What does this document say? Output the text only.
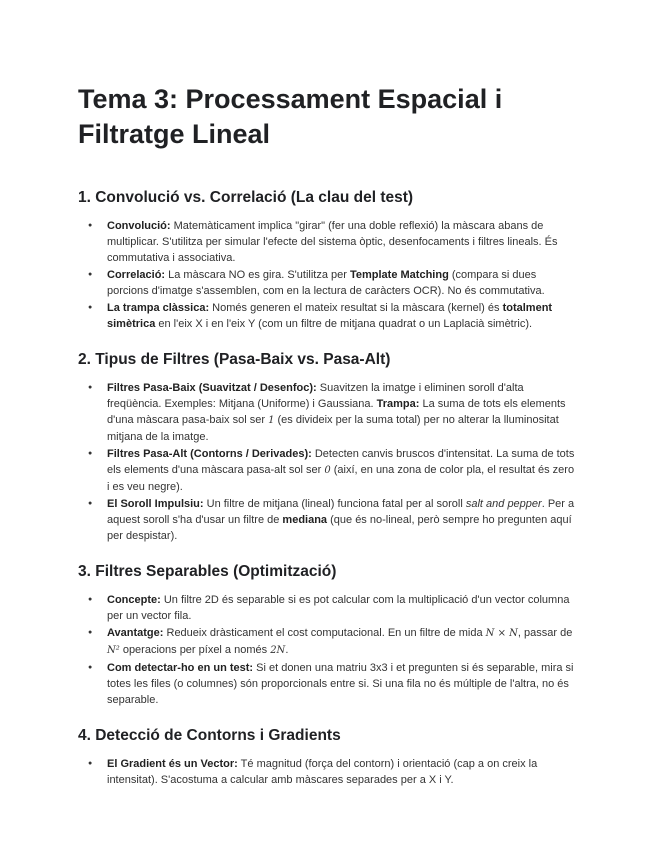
Tema 3: Processament Espacial i Filtratge Lineal
1. Convolució vs. Correlació (La clau del test)
● Convolució: Matemàticament implica "girar" (fer una doble reflexió) la màscara abans de multiplicar. S'utilitza per simular l'efecte del sistema òptic, desenfocaments i filtres lineals. És commutativa i associativa.
● Correlació: La màscara NO es gira. S'utilitza per Template Matching (compara si dues porcions d'imatge s'assemblen, com en la lectura de caràcters OCR). No és commutativa.
● La trampa clàssica: Només generen el mateix resultat si la màscara (kernel) és totalment simètrica en l'eix X i en l'eix Y (com un filtre de mitjana quadrat o un Laplacià simètric).
2. Tipus de Filtres (Pasa-Baix vs. Pasa-Alt)
● Filtres Pasa-Baix (Suavitzat / Desenfoc): Suavitzen la imatge i eliminen soroll d'alta freqüència. Exemples: Mitjana (Uniforme) i Gaussiana. Trampa: La suma de tots els elements d'una màscara pasa-baix sol ser 1 (es divideix per la suma total) per no alterar la lluminositat mitjana de la imatge.
● Filtres Pasa-Alt (Contorns / Derivades): Detecten canvis bruscos d'intensitat. La suma de tots els elements d'una màscara pasa-alt sol ser 0 (així, en una zona de color pla, el resultat és zero i es veu negre).
● El Soroll Impulsiu: Un filtre de mitjana (lineal) funciona fatal per al soroll salt and pepper. Per a aquest soroll s'ha d'usar un filtre de mediana (que és no-lineal, però sempre ho pregunten aquí per despistar).
3. Filtres Separables (Optimització)
● Concepte: Un filtre 2D és separable si es pot calcular com la multiplicació d'un vector columna per un vector fila.
● Avantatge: Redueix dràsticament el cost computacional. En un filtre de mida N × N, passar de N² operacions per píxel a només 2N.
● Com detectar-ho en un test: Si et donen una matriu 3x3 i et pregunten si és separable, mira si totes les files (o columnes) són proporcionals entre si. Si una fila no és múltiple de l'altra, no és separable.
4. Detecció de Contorns i Gradients
● El Gradient és un Vector: Té magnitud (força del contorn) i orientació (cap a on creix la intensitat). S'acostuma a calcular amb màscares separades per a X i Y.
